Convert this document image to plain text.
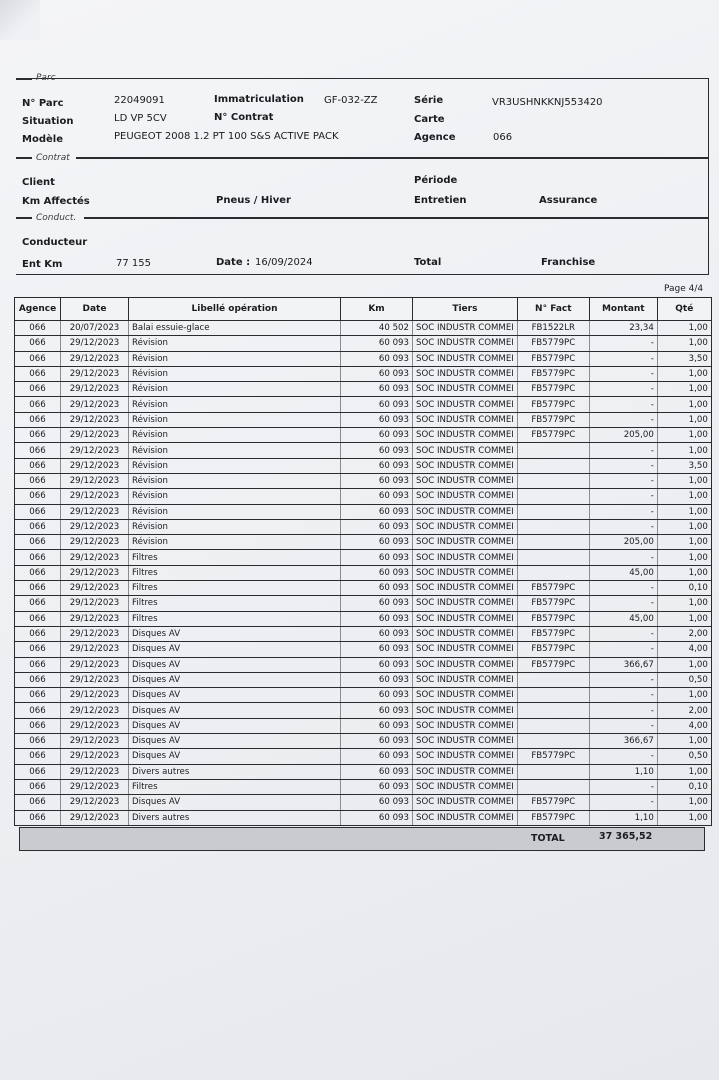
Parc
Contrat
Conduct.
N° Parc	22049091	Immatriculation GF-032-ZZ	Série	VR3USHNKKNJ553420
Situation	LD VP 5CV	N° Contrat	Carte
Modèle	PEUGEOT 2008 1.2 PT 100 S&S ACTIVE PACK	Agence	066
Client	Période
Km Affectés	Pneus / Hiver	Entretien	Assurance
Conducteur
Ent Km	77 155	Date : 16/09/2024	Total	Franchise
Page 4/4
Agence	Date	Libellé opération	Km	Tiers	N° Fact	Montant	Qté
066	20/07/2023	Balai essuie-glace	40 502	SOC INDUSTR COMMEI	FB1522LR	23,34	1,00
066	29/12/2023	Révision	60 093	SOC INDUSTR COMMEI	FB5779PC	-	1,00
066	29/12/2023	Révision	60 093	SOC INDUSTR COMMEI	FB5779PC	-	3,50
066	29/12/2023	Révision	60 093	SOC INDUSTR COMMEI	FB5779PC	-	1,00
066	29/12/2023	Révision	60 093	SOC INDUSTR COMMEI	FB5779PC	-	1,00
066	29/12/2023	Révision	60 093	SOC INDUSTR COMMEI	FB5779PC	-	1,00
066	29/12/2023	Révision	60 093	SOC INDUSTR COMMEI	FB5779PC	-	1,00
066	29/12/2023	Révision	60 093	SOC INDUSTR COMMEI	FB5779PC	205,00	1,00
066	29/12/2023	Révision	60 093	SOC INDUSTR COMMEI		-	1,00
066	29/12/2023	Révision	60 093	SOC INDUSTR COMMEI		-	3,50
066	29/12/2023	Révision	60 093	SOC INDUSTR COMMEI		-	1,00
066	29/12/2023	Révision	60 093	SOC INDUSTR COMMEI		-	1,00
066	29/12/2023	Révision	60 093	SOC INDUSTR COMMEI		-	1,00
066	29/12/2023	Révision	60 093	SOC INDUSTR COMMEI		-	1,00
066	29/12/2023	Révision	60 093	SOC INDUSTR COMMEI		205,00	1,00
066	29/12/2023	Filtres	60 093	SOC INDUSTR COMMEI		-	1,00
066	29/12/2023	Filtres	60 093	SOC INDUSTR COMMEI		45,00	1,00
066	29/12/2023	Filtres	60 093	SOC INDUSTR COMMEI	FB5779PC	-	0,10
066	29/12/2023	Filtres	60 093	SOC INDUSTR COMMEI	FB5779PC	-	1,00
066	29/12/2023	Filtres	60 093	SOC INDUSTR COMMEI	FB5779PC	45,00	1,00
066	29/12/2023	Disques AV	60 093	SOC INDUSTR COMMEI	FB5779PC	-	2,00
066	29/12/2023	Disques AV	60 093	SOC INDUSTR COMMEI	FB5779PC	-	4,00
066	29/12/2023	Disques AV	60 093	SOC INDUSTR COMMEI	FB5779PC	366,67	1,00
066	29/12/2023	Disques AV	60 093	SOC INDUSTR COMMEI		-	0,50
066	29/12/2023	Disques AV	60 093	SOC INDUSTR COMMEI		-	1,00
066	29/12/2023	Disques AV	60 093	SOC INDUSTR COMMEI		-	2,00
066	29/12/2023	Disques AV	60 093	SOC INDUSTR COMMEI		-	4,00
066	29/12/2023	Disques AV	60 093	SOC INDUSTR COMMEI		366,67	1,00
066	29/12/2023	Disques AV	60 093	SOC INDUSTR COMMEI	FB5779PC	-	0,50
066	29/12/2023	Divers autres	60 093	SOC INDUSTR COMMEI		1,10	1,00
066	29/12/2023	Filtres	60 093	SOC INDUSTR COMMEI		-	0,10
066	29/12/2023	Disques AV	60 093	SOC INDUSTR COMMEI	FB5779PC	-	1,00
066	29/12/2023	Divers autres	60 093	SOC INDUSTR COMMEI	FB5779PC	1,10	1,00
TOTAL	37 365,52
